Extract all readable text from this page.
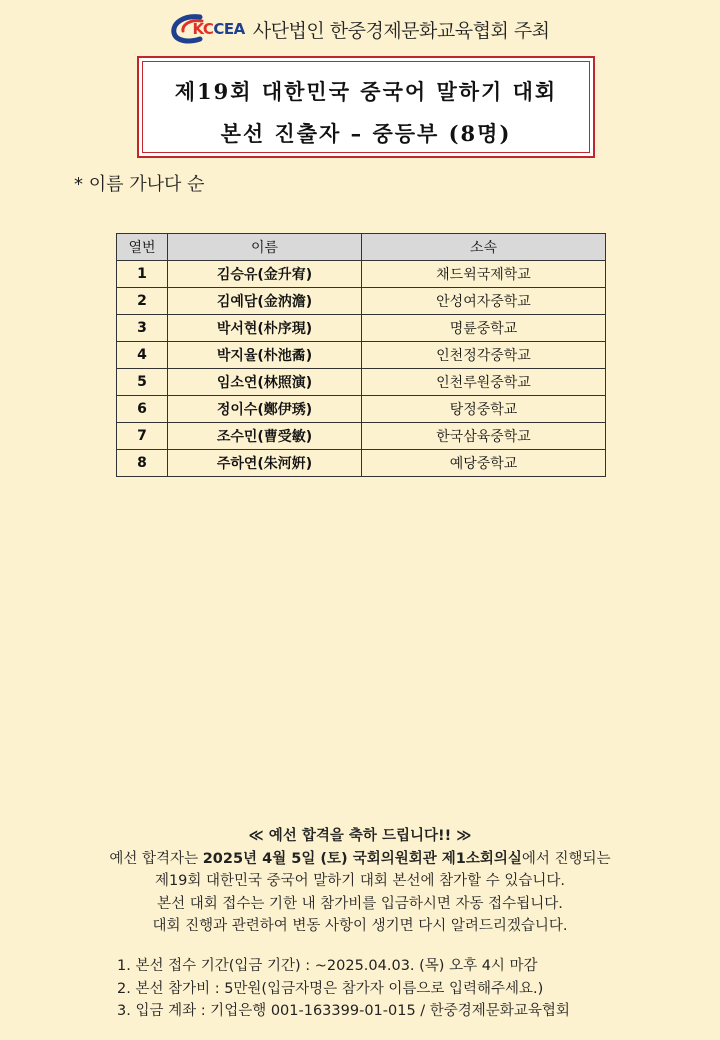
KCCEA 사단법인 한중경제문화교육협회 주최
제19회 대한민국 중국어 말하기 대회
본선 진출자 – 중등부 (8명)
* 이름 가나다 순
열번	이름	소속
1	김승유(金升宥)	채드윅국제학교
2	김예담(金汭澹)	안성여자중학교
3	박서현(朴序現)	명륜중학교
4	박지율(朴池矞)	인천정각중학교
5	임소연(林照演)	인천루원중학교
6	정이수(鄭伊琇)	탕정중학교
7	조수민(曹受敏)	한국삼육중학교
8	주하연(朱河姸)	예당중학교
≪ 예선 합격을 축하 드립니다!! ≫
예선 합격자는 2025년 4월 5일 (토) 국회의원회관 제1소회의실에서 진행되는
제19회 대한민국 중국어 말하기 대회 본선에 참가할 수 있습니다.
본선 대회 접수는 기한 내 참가비를 입금하시면 자동 접수됩니다.
대회 진행과 관련하여 변동 사항이 생기면 다시 알려드리겠습니다.
1. 본선 접수 기간(입금 기간) : ~2025.04.03. (목) 오후 4시 마감
2. 본선 참가비 : 5만원(입금자명은 참가자 이름으로 입력해주세요.)
3. 입금 계좌 : 기업은행 001-163399-01-015 / 한중경제문화교육협회
